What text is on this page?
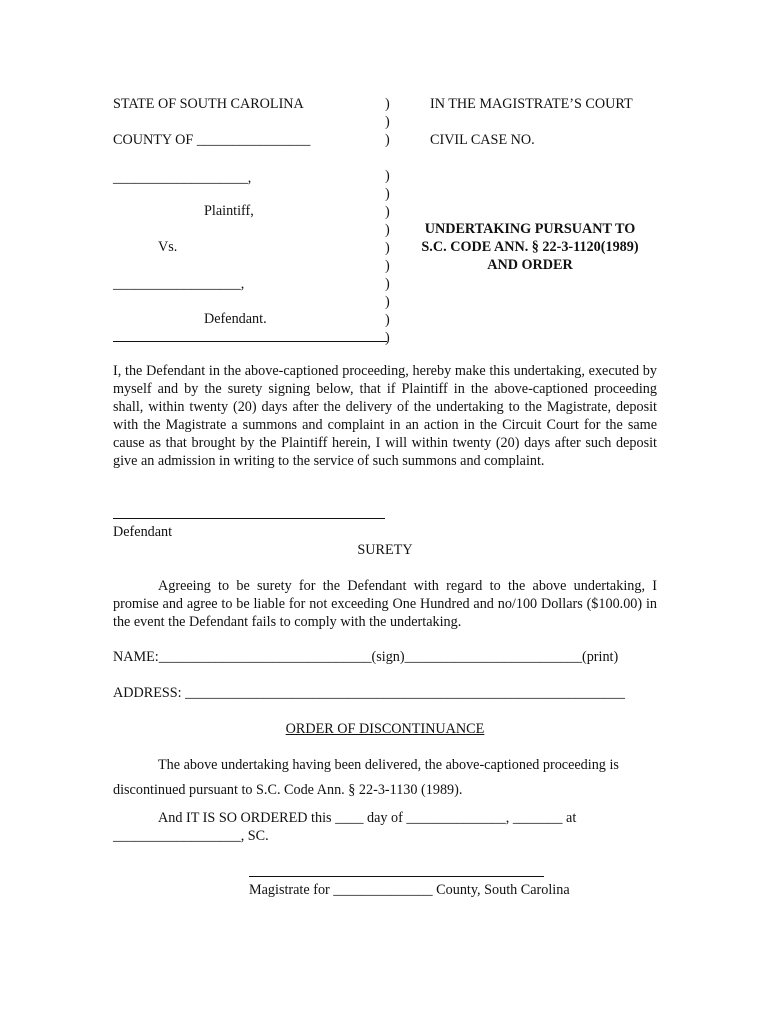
STATE OF SOUTH CAROLINA
COUNTY OF ________________
___________________,
Plaintiff,
Vs.
__________________,
Defendant.
)
)
)
)
)
)
)
)
)
)
)
)
)
IN THE MAGISTRATE’S COURT
CIVIL CASE NO.
UNDERTAKING PURSUANT TO
S.C. CODE ANN. § 22-3-1120(1989)
AND ORDER
I, the Defendant in the above-captioned proceeding, hereby make this undertaking, executed by myself and by the surety signing below, that if Plaintiff in the above-captioned proceeding shall, within twenty (20) days after the delivery of the undertaking to the Magistrate, deposit with the Magistrate a summons and complaint in an action in the Circuit Court for the same cause as that brought by the Plaintiff herein, I will within twenty (20) days after such deposit give an admission in writing to the service of such summons and complaint.
Defendant
SURETY
Agreeing to be surety for the Defendant with regard to the above undertaking, I promise and agree to be liable for not exceeding One Hundred and no/100 Dollars ($100.00) in the event the Defendant fails to comply with the undertaking.
NAME:______________________________(sign)_________________________(print)
ADDRESS: ______________________________________________________________
ORDER OF DISCONTINUANCE
The above undertaking having been delivered, the above-captioned proceeding is
discontinued pursuant to S.C. Code Ann. § 22-3-1130 (1989).
And IT IS SO ORDERED this ____ day of ______________, _______ at
__________________, SC.
Magistrate for ______________ County, South Carolina
